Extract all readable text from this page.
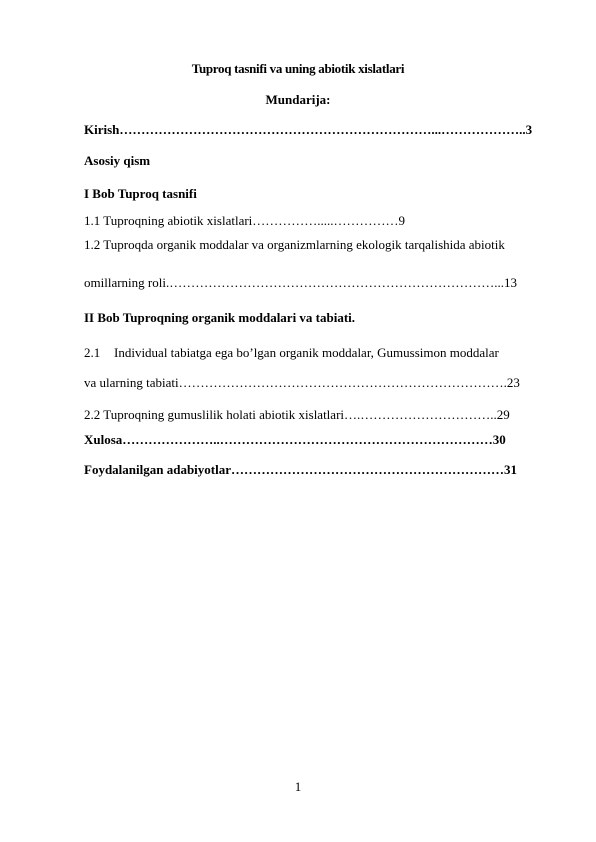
Tuproq tasnifi va uning abiotik xislatlari
Mundarija:
Kirish………………………………………………………………...………………..3
Asosiy qism
I Bob Tuproq tasnifi
1.1 Tuproqning abiotik xislatlari…………….....……………9
1.2 Tuproqda organik moddalar va organizmlarning ekologik tarqalishida abiotik
omillarning roli.…………………………………………………………………...13
II Bob Tuproqning organik moddalari va tabiati.
2.1 Individual tabiatga ega bo’lgan organik moddalar, Gumussimon moddalar
va ularning tabiati………………………………………………………………….23
2.2 Tuproqning gumuslilik holati abiotik xislatlari….…………………………..29
Xulosa…………………..………………………………………………………30
Foydalanilgan adabiyotlar………………………………………………………31
1
